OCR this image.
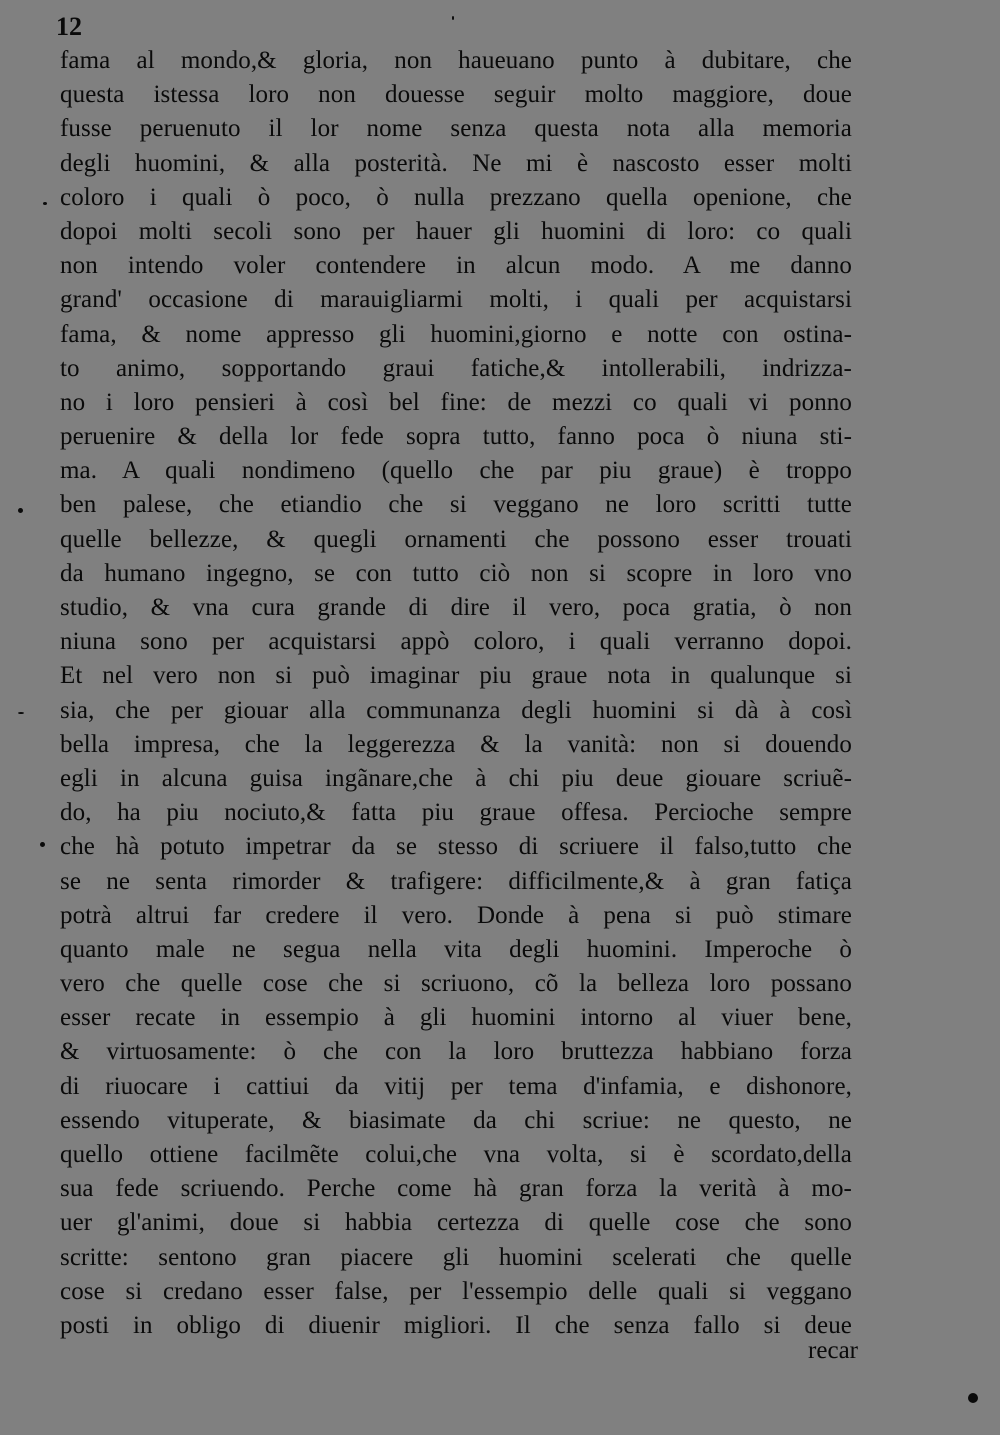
12
fama al mondo,& gloria, non haueuano punto à dubitare, che
questa istessa loro non douesse seguir molto maggiore, doue
fusse peruenuto il lor nome senza questa nota alla memoria
degli huomini, & alla posterità. Ne mi è nascosto esser molti
coloro i quali ò poco, ò nulla prezzano quella openione, che
dopoi molti secoli sono per hauer gli huomini di loro: co quali
non intendo voler contendere in alcun modo. A me danno
grand' occasione di marauigliarmi molti, i quali per acquistarsi
fama, & nome appresso gli huomini,giorno e notte con ostina-
to animo, sopportando graui fatiche,& intollerabili, indrizza-
no i loro pensieri à così bel fine: de mezzi co quali vi ponno
peruenire & della lor fede sopra tutto, fanno poca ò niuna sti-
ma. A quali nondimeno (quello che par piu graue) è troppo
ben palese, che etiandio che si veggano ne loro scritti tutte
quelle bellezze, & quegli ornamenti che possono esser trouati
da humano ingegno, se con tutto ciò non si scopre in loro vno
studio, & vna cura grande di dire il vero, poca gratia, ò non
niuna sono per acquistarsi appò coloro, i quali verranno dopoi.
Et nel vero non si può imaginar piu graue nota in qualunque si
sia, che per giouar alla communanza degli huomini si dà à così
bella impresa, che la leggerezza & la vanità: non si douendo
egli in alcuna guisa ingãnare,che à chi piu deue giouare scriuẽ-
do, ha piu nociuto,& fatta piu graue offesa. Percioche sempre
che hà potuto impetrar da se stesso di scriuere il falso,tutto che
se ne senta rimorder & trafigere: difficilmente,& à gran fatiça
potrà altrui far credere il vero. Donde à pena si può stimare
quanto male ne segua nella vita degli huomini. Imperoche ò
vero che quelle cose che si scriuono, cõ la belleza loro possano
esser recate in essempio à gli huomini intorno al viuer bene,
& virtuosamente: ò che con la loro bruttezza habbiano forza
di riuocare i cattiui da vitij per tema d'infamia, e dishonore,
essendo vituperate, & biasimate da chi scriue: ne questo, ne
quello ottiene facilmẽte colui,che vna volta, si è scordato,della
sua fede scriuendo. Perche come hà gran forza la verità à mo-
uer gl'animi, doue si habbia certezza di quelle cose che sono
scritte: sentono gran piacere gli huomini scelerati che quelle
cose si credano esser false, per l'essempio delle quali si veggano
posti in obligo di diuenir migliori. Il che senza fallo si deue
recar
